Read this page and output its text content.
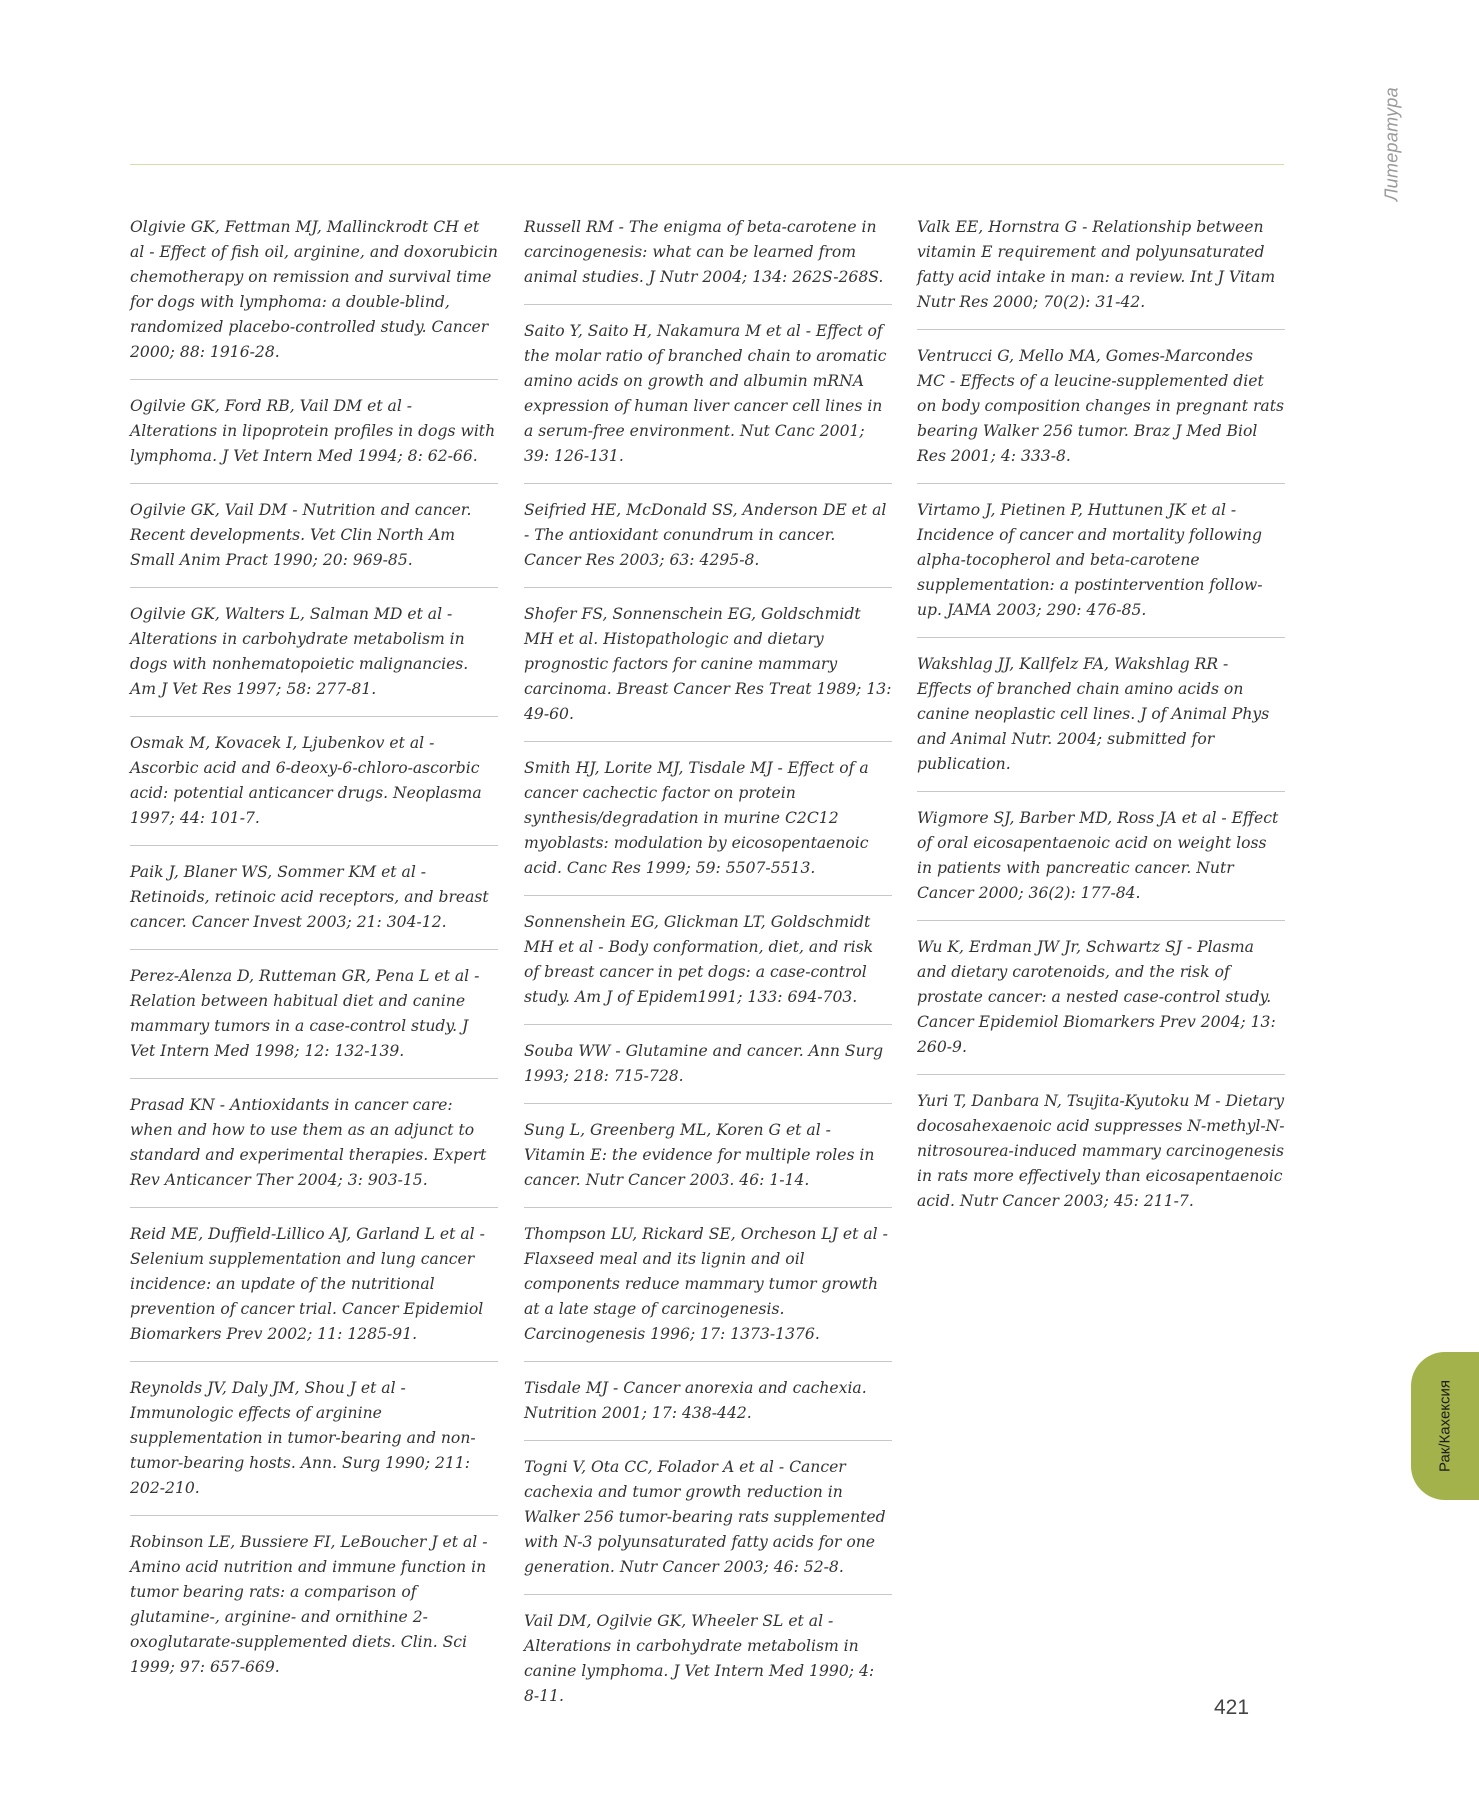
Литература
Рак/Кахексия

Olgivie GK, Fettman MJ, Mallinckrodt CH et al - Effect of fish oil, arginine, and doxorubicin chemotherapy on remission and survival time for dogs with lymphoma: a double-blind, randomized placebo-controlled study. Cancer 2000; 88: 1916-28.

Ogilvie GK, Ford RB, Vail DM et al - Alterations in lipoprotein profiles in dogs with lymphoma. J Vet Intern Med 1994; 8: 62-66.

Ogilvie GK, Vail DM - Nutrition and cancer. Recent developments. Vet Clin North Am Small Anim Pract 1990; 20: 969-85.

Ogilvie GK, Walters L, Salman MD et al - Alterations in carbohydrate metabolism in dogs with nonhematopoietic malignancies. Am J Vet Res 1997; 58: 277-81.

Osmak M, Kovacek I, Ljubenkov et al - Ascorbic acid and 6-deoxy-6-chloro-ascorbic acid: potential anticancer drugs. Neoplasma 1997; 44: 101-7.

Paik J, Blaner WS, Sommer KM et al - Retinoids, retinoic acid receptors, and breast cancer. Cancer Invest 2003; 21: 304-12.

Perez-Alenza D, Rutteman GR, Pena L et al - Relation between habitual diet and canine mammary tumors in a case-control study. J Vet Intern Med 1998; 12: 132-139.

Prasad KN - Antioxidants in cancer care: when and how to use them as an adjunct to standard and experimental therapies. Expert Rev Anticancer Ther 2004; 3: 903-15.

Reid ME, Duffield-Lillico AJ, Garland L et al - Selenium supplementation and lung cancer incidence: an update of the nutritional prevention of cancer trial. Cancer Epidemiol Biomarkers Prev 2002; 11: 1285-91.

Reynolds JV, Daly JM, Shou J et al - Immunologic effects of arginine supplementation in tumor-bearing and non-tumor-bearing hosts. Ann. Surg 1990; 211: 202-210.

Robinson LE, Bussiere FI, LeBoucher J et al - Amino acid nutrition and immune function in tumor bearing rats: a comparison of glutamine-, arginine- and ornithine 2-oxoglutarate-supplemented diets. Clin. Sci 1999; 97: 657-669.

Russell RM - The enigma of beta-carotene in carcinogenesis: what can be learned from animal studies. J Nutr 2004; 134: 262S-268S.

Saito Y, Saito H, Nakamura M et al - Effect of the molar ratio of branched chain to aromatic amino acids on growth and albumin mRNA expression of human liver cancer cell lines in a serum-free environment. Nut Canc 2001; 39: 126-131.

Seifried HE, McDonald SS, Anderson DE et al - The antioxidant conundrum in cancer. Cancer Res 2003; 63: 4295-8.

Shofer FS, Sonnenschein EG, Goldschmidt MH et al. Histopathologic and dietary prognostic factors for canine mammary carcinoma. Breast Cancer Res Treat 1989; 13: 49-60.

Smith HJ, Lorite MJ, Tisdale MJ - Effect of a cancer cachectic factor on protein synthesis/degradation in murine C2C12 myoblasts: modulation by eicosopentaenoic acid. Canc Res 1999; 59: 5507-5513.

Sonnenshein EG, Glickman LT, Goldschmidt MH et al - Body conformation, diet, and risk of breast cancer in pet dogs: a case-control study. Am J of Epidem1991; 133: 694-703.

Souba WW - Glutamine and cancer. Ann Surg 1993; 218: 715-728.

Sung L, Greenberg ML, Koren G et al - Vitamin E: the evidence for multiple roles in cancer. Nutr Cancer 2003. 46: 1-14.

Thompson LU, Rickard SE, Orcheson LJ et al - Flaxseed meal and its lignin and oil components reduce mammary tumor growth at a late stage of carcinogenesis. Carcinogenesis 1996; 17: 1373-1376.

Tisdale MJ - Cancer anorexia and cachexia. Nutrition 2001; 17: 438-442.

Togni V, Ota CC, Folador A et al - Cancer cachexia and tumor growth reduction in Walker 256 tumor-bearing rats supplemented with N-3 polyunsaturated fatty acids for one generation. Nutr Cancer 2003; 46: 52-8.

Vail DM, Ogilvie GK, Wheeler SL et al - Alterations in carbohydrate metabolism in canine lymphoma. J Vet Intern Med 1990; 4: 8-11.

Valk EE, Hornstra G - Relationship between vitamin E requirement and polyunsaturated fatty acid intake in man: a review. Int J Vitam Nutr Res 2000; 70(2): 31-42.

Ventrucci G, Mello MA, Gomes-Marcondes MC - Effects of a leucine-supplemented diet on body composition changes in pregnant rats bearing Walker 256 tumor. Braz J Med Biol Res 2001; 4: 333-8.

Virtamo J, Pietinen P, Huttunen JK et al - Incidence of cancer and mortality following alpha-tocopherol and beta-carotene supplementation: a postintervention follow-up. JAMA 2003; 290: 476-85.

Wakshlag JJ, Kallfelz FA, Wakshlag RR - Effects of branched chain amino acids on canine neoplastic cell lines. J of Animal Phys and Animal Nutr. 2004; submitted for publication.

Wigmore SJ, Barber MD, Ross JA et al - Effect of oral eicosapentaenoic acid on weight loss in patients with pancreatic cancer. Nutr Cancer 2000; 36(2): 177-84.

Wu K, Erdman JW Jr, Schwartz SJ - Plasma and dietary carotenoids, and the risk of prostate cancer: a nested case-control study. Cancer Epidemiol Biomarkers Prev 2004; 13: 260-9.

Yuri T, Danbara N, Tsujita-Kyutoku M - Dietary docosahexaenoic acid suppresses N-methyl-N-nitrosourea-induced mammary carcinogenesis in rats more effectively than eicosapentaenoic acid. Nutr Cancer 2003; 45: 211-7.

421
